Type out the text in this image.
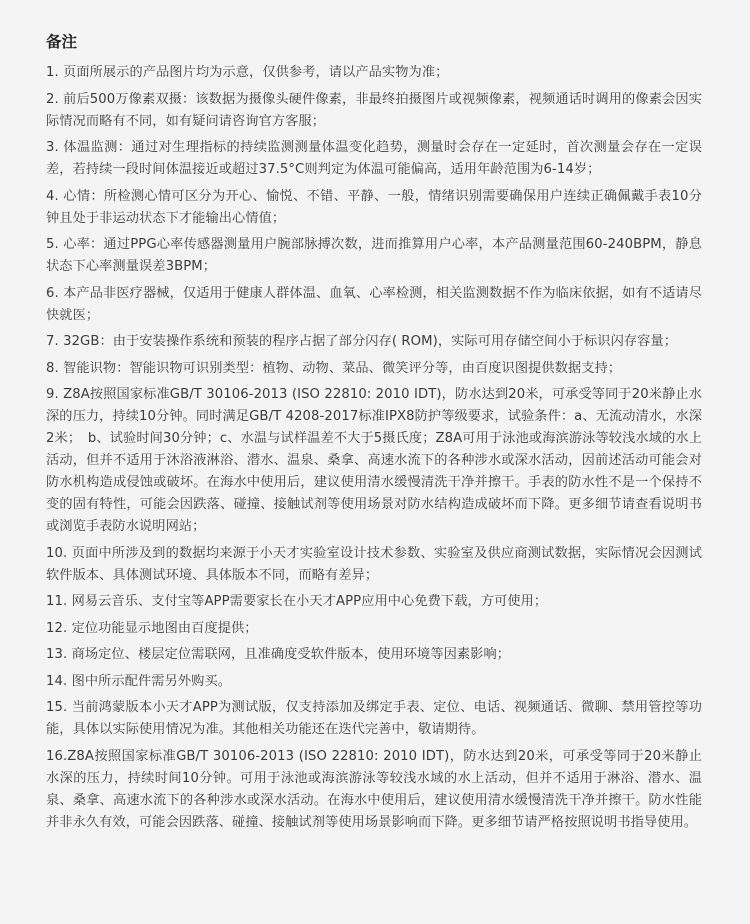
备注
1. 页面所展示的产品图片均为示意，仅供参考，请以产品实物为准；
2. 前后500万像素双摄：该数据为摄像头硬件像素，非最终拍摄图片或视频像素，视频通话时调用的像素会因实际情况而略有不同，如有疑问请咨询官方客服；
3. 体温监测：通过对生理指标的持续监测测量体温变化趋势，测量时会存在一定延时，首次测量会存在一定误差，若持续一段时间体温接近或超过37.5°C则判定为体温可能偏高，适用年龄范围为6-14岁；
4. 心情：所检测心情可区分为开心、愉悦、不错、平静、一般，情绪识别需要确保用户连续正确佩戴手表10分钟且处于非运动状态下才能输出心情值；
5. 心率：通过PPG心率传感器测量用户腕部脉搏次数，进而推算用户心率，本产品测量范围60-240BPM，静息状态下心率测量误差3BPM；
6. 本产品非医疗器械，仅适用于健康人群体温、血氧、心率检测，相关监测数据不作为临床依据，如有不适请尽快就医；
7. 32GB：由于安装操作系统和预装的程序占据了部分闪存( ROM)，实际可用存储空间小于标识闪存容量；
8. 智能识物：智能识物可识别类型：植物、动物、菜品、微笑评分等，由百度识图提供数据支持；
9. Z8A按照国家标准GB/T 30106-2013 (ISO 22810: 2010 IDT)，防水达到20米，可承受等同于20米静止水深的压力，持续10分钟。同时满足GB/T 4208-2017标准IPX8防护等级要求，试验条件：a、无流动清水，水深2米；　b、试验时间30分钟；c、水温与试样温差不大于5摄氏度；Z8A可用于泳池或海滨游泳等较浅水域的水上活动，但并不适用于沐浴液淋浴、潜水、温泉、桑拿、高速水流下的各种涉水或深水活动，因前述活动可能会对防水机构造成侵蚀或破坏。在海水中使用后，建议使用清水缓慢清洗干净并擦干。手表的防水性不是一个保持不变的固有特性，可能会因跌落、碰撞、接触试剂等使用场景对防水结构造成破坏而下降。更多细节请查看说明书或浏览手表防水说明网站；
10. 页面中所涉及到的数据均来源于小天才实验室设计技术参数、实验室及供应商测试数据，实际情况会因测试软件版本、具体测试环境、具体版本不同，而略有差异；
11. 网易云音乐、支付宝等APP需要家长在小天才APP应用中心免费下载，方可使用；
12. 定位功能显示地图由百度提供；
13. 商场定位、楼层定位需联网，且准确度受软件版本，使用环境等因素影响；
14. 图中所示配件需另外购买。
15. 当前鸿蒙版本小天才APP为测试版，仅支持添加及绑定手表、定位、电话、视频通话、微聊、禁用管控等功能，具体以实际使用情况为准。其他相关功能还在迭代完善中，敬请期待。
16.Z8A按照国家标准GB/T 30106-2013 (ISO 22810: 2010 IDT)，防水达到20米，可承受等同于20米静止水深的压力，持续时间10分钟。可用于泳池或海滨游泳等较浅水域的水上活动，但并不适用于淋浴、潜水、温泉、桑拿、高速水流下的各种涉水或深水活动。在海水中使用后，建议使用清水缓慢清洗干净并擦干。防水性能并非永久有效，可能会因跌落、碰撞、接触试剂等使用场景影响而下降。更多细节请严格按照说明书指导使用。
